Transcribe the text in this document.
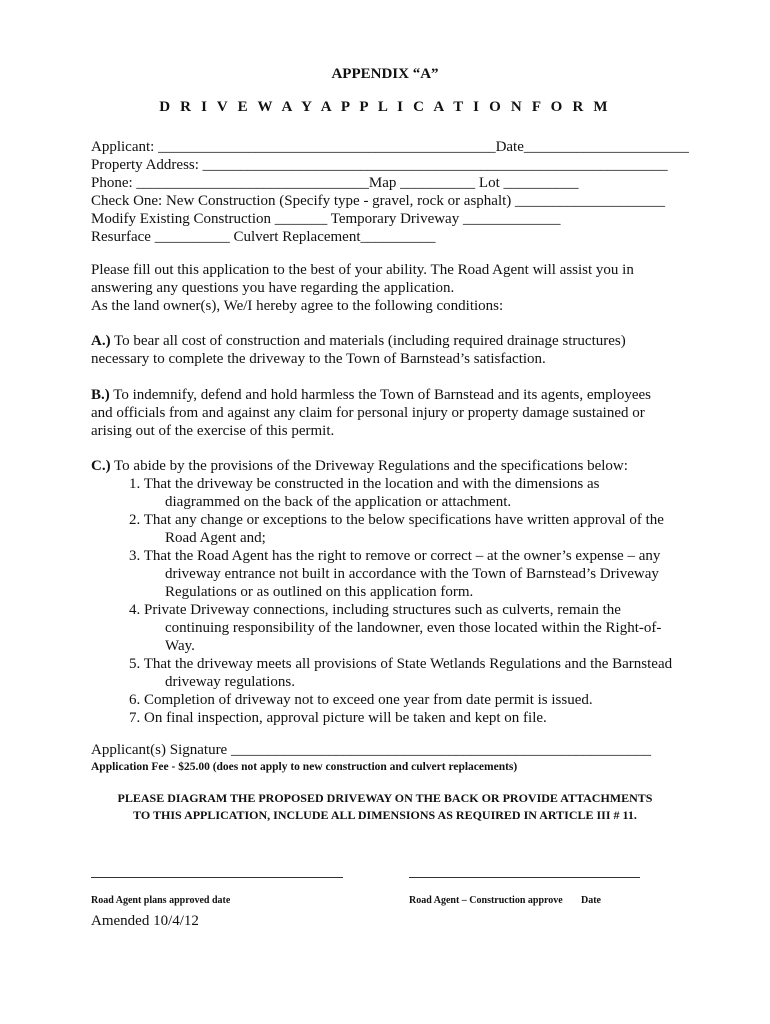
APPENDIX “A”
D R I V E W A Y A P P L I C A T I O N F O R M
Applicant: _____________________________________________Date______________________
Property Address: ______________________________________________________________
Phone: _______________________________Map __________ Lot __________
Check One: New Construction (Specify type - gravel, rock or asphalt) ____________________
Modify Existing Construction _______ Temporary Driveway _____________
Resurface __________ Culvert Replacement__________
Please fill out this application to the best of your ability. The Road Agent will assist you in
answering any questions you have regarding the application.
As the land owner(s), We/I hereby agree to the following conditions:
A.) To bear all cost of construction and materials (including required drainage structures)
necessary to complete the driveway to the Town of Barnstead’s satisfaction.
B.) To indemnify, defend and hold harmless the Town of Barnstead and its agents, employees
and officials from and against any claim for personal injury or property damage sustained or
arising out of the exercise of this permit.
C.) To abide by the provisions of the Driveway Regulations and the specifications below:
1. That the driveway be constructed in the location and with the dimensions as
diagrammed on the back of the application or attachment.
2. That any change or exceptions to the below specifications have written approval of the
Road Agent and;
3. That the Road Agent has the right to remove or correct – at the owner’s expense – any
driveway entrance not built in accordance with the Town of Barnstead’s Driveway
Regulations or as outlined on this application form.
4. Private Driveway connections, including structures such as culverts, remain the
continuing responsibility of the landowner, even those located within the Right-of-
Way.
5. That the driveway meets all provisions of State Wetlands Regulations and the Barnstead
driveway regulations.
6. Completion of driveway not to exceed one year from date permit is issued.
7. On final inspection, approval picture will be taken and kept on file.
Applicant(s) Signature ________________________________________________________
Application Fee - $25.00 (does not apply to new construction and culvert replacements)
PLEASE DIAGRAM THE PROPOSED DRIVEWAY ON THE BACK OR PROVIDE ATTACHMENTS
TO THIS APPLICATION, INCLUDE ALL DIMENSIONS AS REQUIRED IN ARTICLE III # 11.
Road Agent plans approved date	Road Agent – Construction approve Date
Amended 10/4/12
